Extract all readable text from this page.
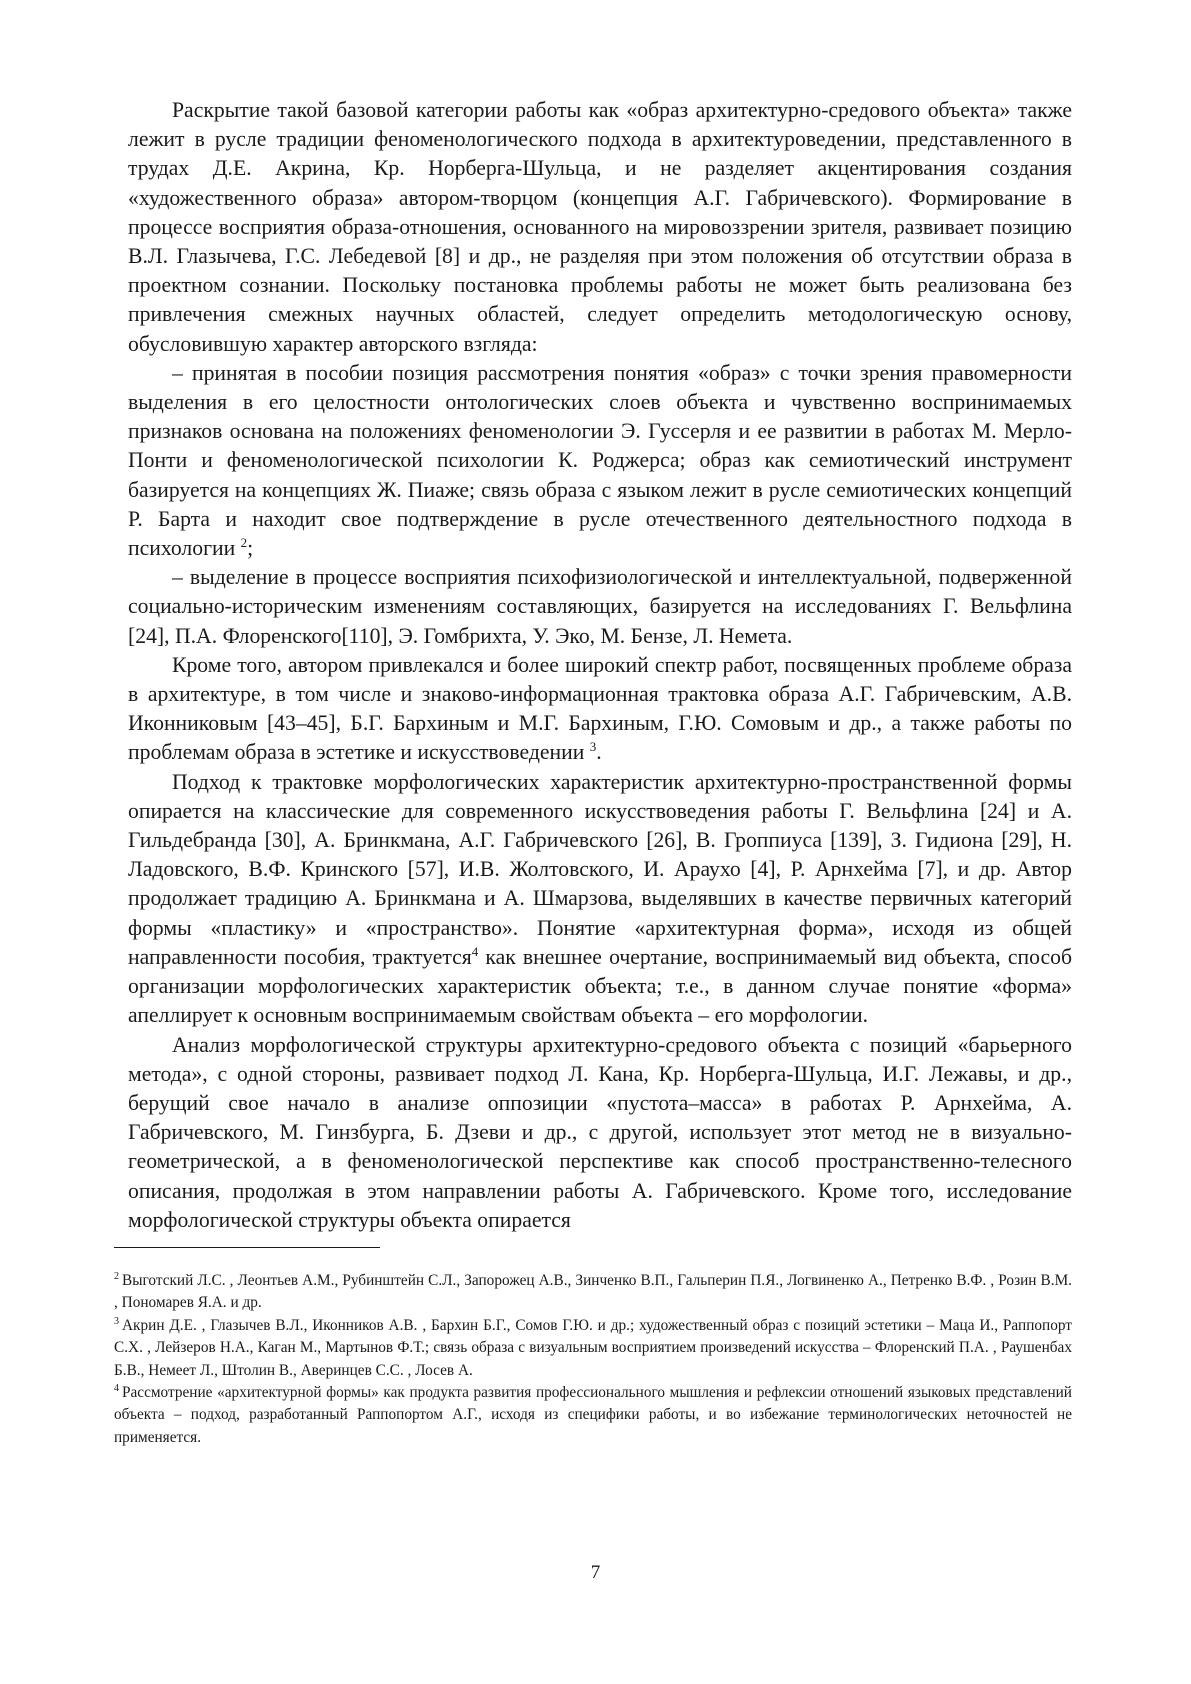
Раскрытие такой базовой категории работы как «образ архитектурно-средового объекта» также лежит в русле традиции феноменологического подхода в архитектуроведении, представленного в трудах Д.Е. Акрина, Кр. Норберга-Шульца, и не разделяет акцентирования создания «художественного образа» автором-творцом (концепция А.Г. Габричевского). Формирование в процессе восприятия образа-отношения, основанного на мировоззрении зрителя, развивает позицию В.Л. Глазычева, Г.С. Лебедевой [8] и др., не разделяя при этом положения об отсутствии образа в проектном сознании. Поскольку постановка проблемы работы не может быть реализована без привлечения смежных научных областей, следует определить методологическую основу, обусловившую характер авторского взгляда:

– принятая в пособии позиция рассмотрения понятия «образ» с точки зрения правомерности выделения в его целостности онтологических слоев объекта и чувственно воспринимаемых признаков основана на положениях феноменологии Э. Гуссерля и ее развитии в работах М. Мерло-Понти и феноменологической психологии К. Роджерса; образ как семиотический инструмент базируется на концепциях Ж. Пиаже; связь образа с языком лежит в русле семиотических концепций Р. Барта и находит свое подтверждение в русле отечественного деятельностного подхода в психологии $^2$;

– выделение в процессе восприятия психофизиологической и интеллектуальной, подверженной социально-историческим изменениям составляющих, базируется на исследованиях Г. Вельфлина [24], П.А. Флоренского[110], Э. Гомбрихта, У. Эко, М. Бензе, Л. Немета.

Кроме того, автором привлекался и более широкий спектр работ, посвященных проблеме образа в архитектуре, в том числе и знаково-информационная трактовка образа А.Г. Габричевским, А.В. Иконниковым [43–45], Б.Г. Бархиным и М.Г. Бархиным, Г.Ю. Сомовым и др., а также работы по проблемам образа в эстетике и искусствоведении $^3$.

Подход к трактовке морфологических характеристик архитектурно-пространственной формы опирается на классические для современного искусствоведения работы Г. Вельфлина [24] и А. Гильдебранда [30], А. Бринкмана, А.Г. Габричевского [26], В. Гроппиуса [139], З. Гидиона [29], Н. Ладовского, В.Ф. Кринского [57], И.В. Жолтовского, И. Араухо [4], Р. Арнхейма [7], и др. Автор продолжает традицию А. Бринкмана и А. Шмарзова, выделявших в качестве первичных категорий формы «пластику» и «пространство». Понятие «архитектурная форма», исходя из общей направленности пособия, трактуется$^4$ как внешнее очертание, воспринимаемый вид объекта, способ организации морфологических характеристик объекта; т.е., в данном случае понятие «форма» апеллирует к основным воспринимаемым свойствам объекта – его морфологии.

Анализ морфологической структуры архитектурно-средового объекта с позиций «барьерного метода», с одной стороны, развивает подход Л. Кана, Кр. Норберга-Шульца, И.Г. Лежавы, и др., берущий свое начало в анализе оппозиции «пустота–масса» в работах Р. Арнхейма, А. Габричевского, М. Гинзбурга, Б. Дзеви и др., с другой, использует этот метод не в визуально-геометрической, а в феноменологической перспективе как способ пространственно-телесного описания, продолжая в этом направлении работы А. Габричевского. Кроме того, исследование морфологической структуры объекта опирается

$^2$ Выготский Л.С. , Леонтьев А.М., Рубинштейн С.Л., Запорожец А.В., Зинченко В.П., Гальперин П.Я., Логвиненко А., Петренко В.Ф. , Розин В.М. , Пономарев Я.А. и др.

$^3$ Акрин Д.Е. , Глазычев В.Л., Иконников А.В. , Бархин Б.Г., Сомов Г.Ю. и др.; художественный образ с позиций эстетики – Маца И., Раппопорт С.Х. , Лейзеров Н.А., Каган М., Мартынов Ф.Т.; связь образа с визуальным восприятием произведений искусства – Флоренский П.А. , Раушенбах Б.В., Немеет Л., Штолин В., Аверинцев С.С. , Лосев А.

$^4$ Рассмотрение «архитектурной формы» как продукта развития профессионального мышления и рефлексии отношений языковых представлений объекта – подход, разработанный Раппопортом А.Г., исходя из специфики работы, и во избежание терминологических неточностей не применяется.

7
